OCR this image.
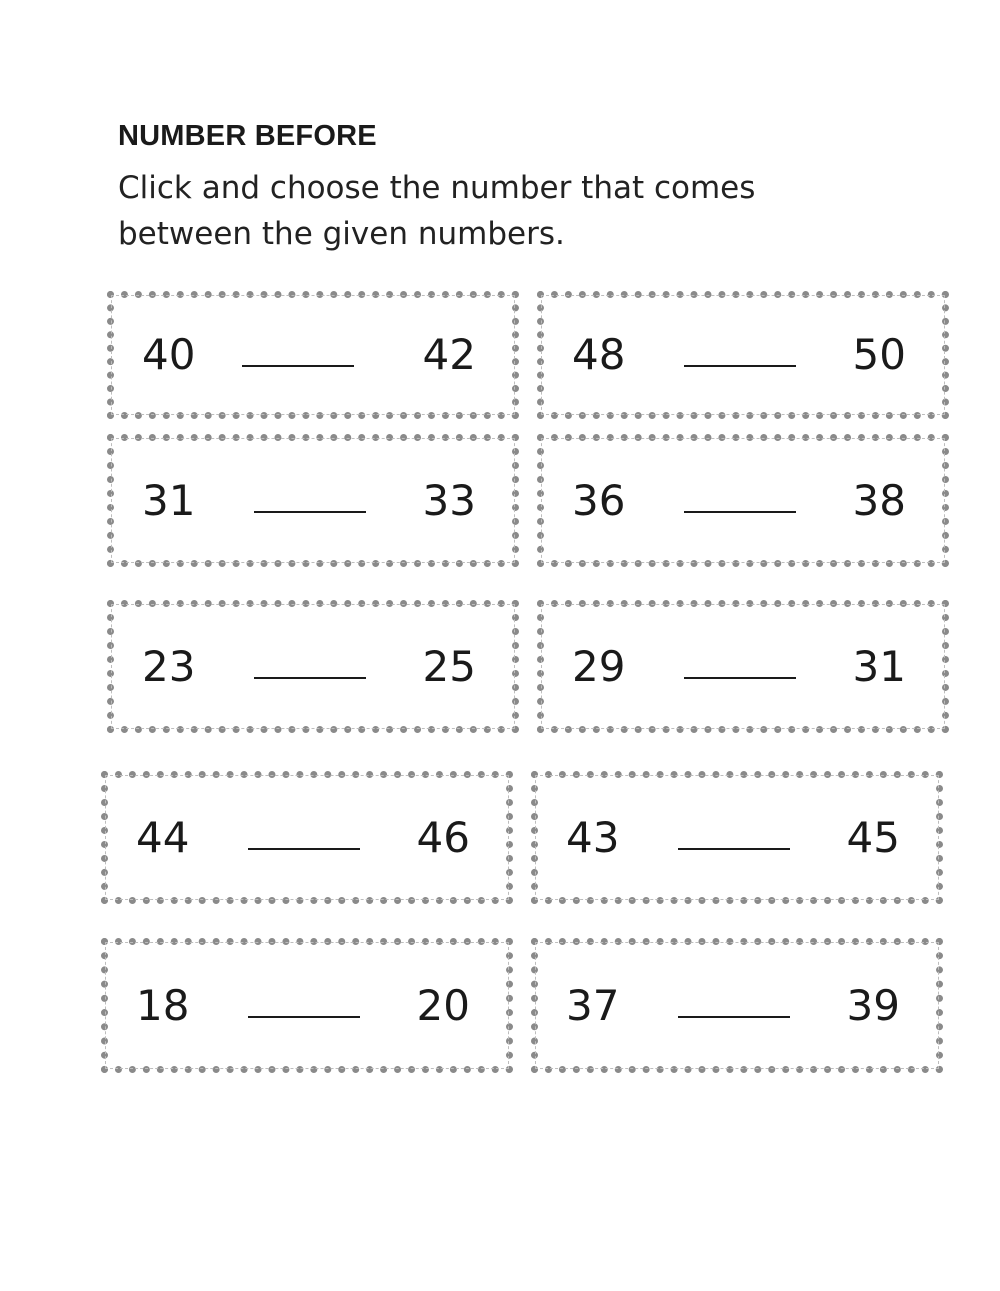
NUMBER BEFORE
Click and choose the number that comes between the given numbers.
40	42 48	50
31	33 36	38
23	25 29	31
44	46 43	45
18	20 37	39
